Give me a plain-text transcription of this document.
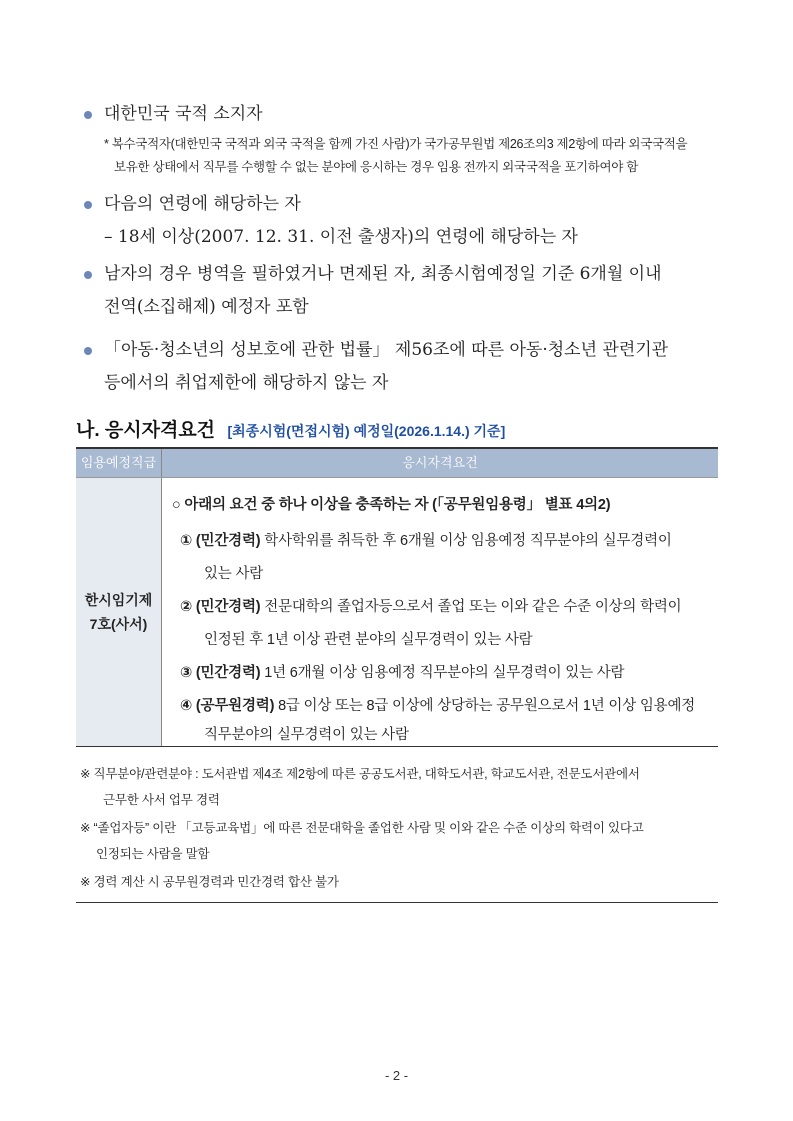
대한민국 국적 소지자
* 복수국적자(대한민국 국적과 외국 국적을 함께 가진 사람)가 국가공무원법 제26조의3 제2항에 따라 외국국적을
보유한 상태에서 직무를 수행할 수 없는 분야에 응시하는 경우 임용 전까지 외국국적을 포기하여야 함
다음의 연령에 해당하는 자
– 18세 이상(2007. 12. 31. 이전 출생자)의 연령에 해당하는 자
남자의 경우 병역을 필하였거나 면제된 자, 최종시험예정일 기준 6개월 이내
전역(소집해제) 예정자 포함
「아동·청소년의 성보호에 관한 법률」 제56조에 따른 아동·청소년 관련기관
등에서의 취업제한에 해당하지 않는 자
나. 응시자격요건 [최종시험(면접시험) 예정일(2026.1.14.) 기준]
임용예정직급	응시자격요건
한시임기제
7호(사서)
○ 아래의 요건 중 하나 이상을 충족하는 자 (「공무원임용령」 별표 4의2)
① (민간경력) 학사학위를 취득한 후 6개월 이상 임용예정 직무분야의 실무경력이
있는 사람
② (민간경력) 전문대학의 졸업자등으로서 졸업 또는 이와 같은 수준 이상의 학력이
인정된 후 1년 이상 관련 분야의 실무경력이 있는 사람
③ (민간경력) 1년 6개월 이상 임용예정 직무분야의 실무경력이 있는 사람
④ (공무원경력) 8급 이상 또는 8급 이상에 상당하는 공무원으로서 1년 이상 임용예정
직무분야의 실무경력이 있는 사람
※ 직무분야/관련분야 : 도서관법 제4조 제2항에 따른 공공도서관, 대학도서관, 학교도서관, 전문도서관에서
근무한 사서 업무 경력
※ “졸업자등” 이란 「고등교육법」에 따른 전문대학을 졸업한 사람 및 이와 같은 수준 이상의 학력이 있다고
인정되는 사람을 말함
※ 경력 계산 시 공무원경력과 민간경력 합산 불가
- 2 -
